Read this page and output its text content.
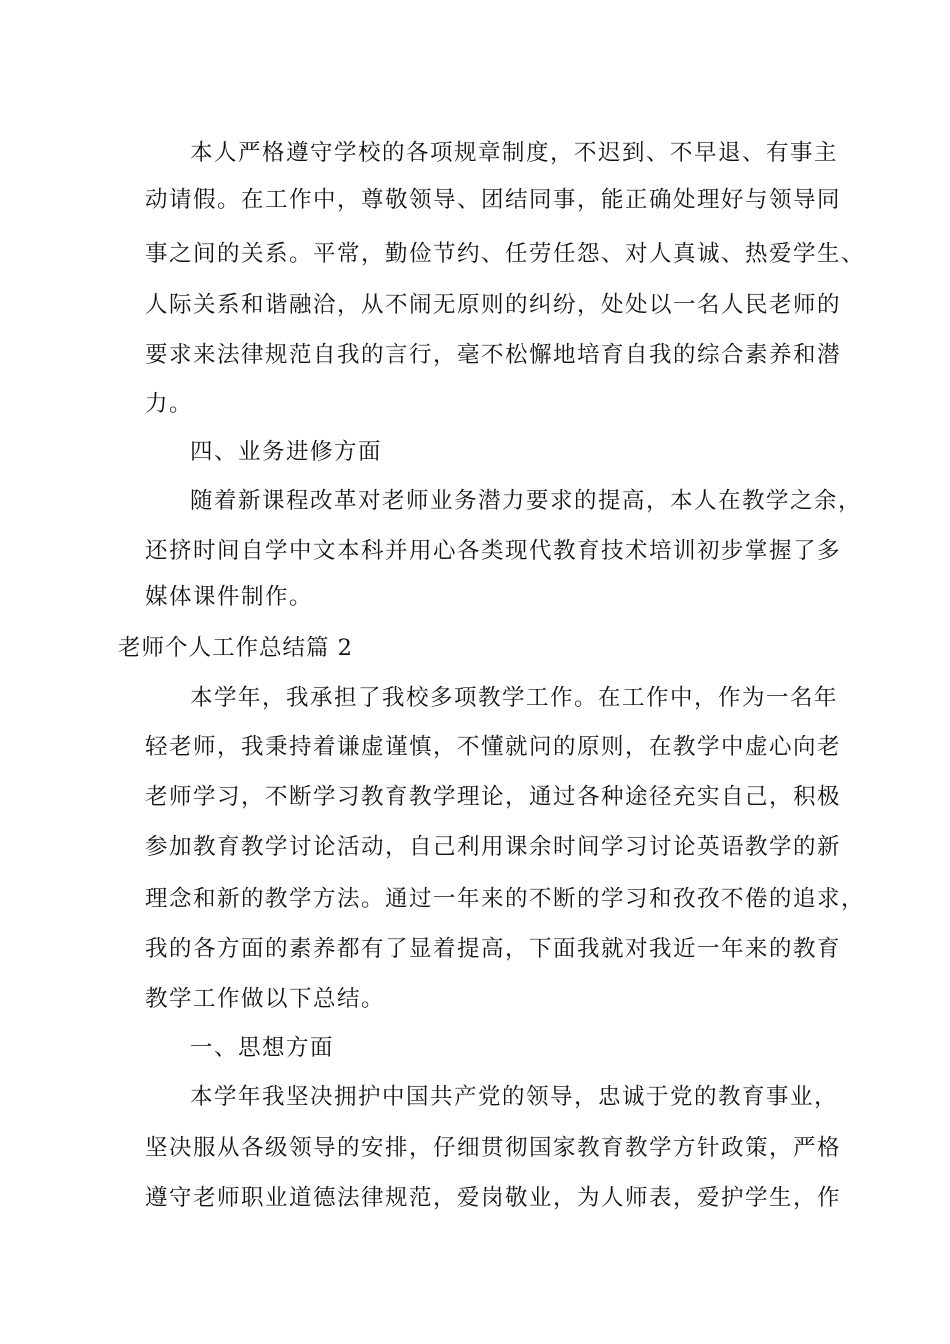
本人严格遵守学校的各项规章制度，不迟到、不早退、有事主
动请假。在工作中，尊敬领导、团结同事，能正确处理好与领导同
事之间的关系。平常，勤俭节约、任劳任怨、对人真诚、热爱学生、
人际关系和谐融洽，从不闹无原则的纠纷，处处以一名人民老师的
要求来法律规范自我的言行，毫不松懈地培育自我的综合素养和潜
力。
四、业务进修方面
随着新课程改革对老师业务潜力要求的提高，本人在教学之余，
还挤时间自学中文本科并用心各类现代教育技术培训初步掌握了多
媒体课件制作。
老师个人工作总结篇 2
本学年，我承担了我校多项教学工作。在工作中，作为一名年
轻老师，我秉持着谦虚谨慎，不懂就问的原则，在教学中虚心向老
老师学习，不断学习教育教学理论，通过各种途径充实自己，积极
参加教育教学讨论活动，自己利用课余时间学习讨论英语教学的新
理念和新的教学方法。通过一年来的不断的学习和孜孜不倦的追求，
我的各方面的素养都有了显着提高，下面我就对我近一年来的教育
教学工作做以下总结。
一、思想方面
本学年我坚决拥护中国共产党的领导，忠诚于党的教育事业，
坚决服从各级领导的安排，仔细贯彻国家教育教学方针政策，严格
遵守老师职业道德法律规范，爱岗敬业，为人师表，爱护学生，作
